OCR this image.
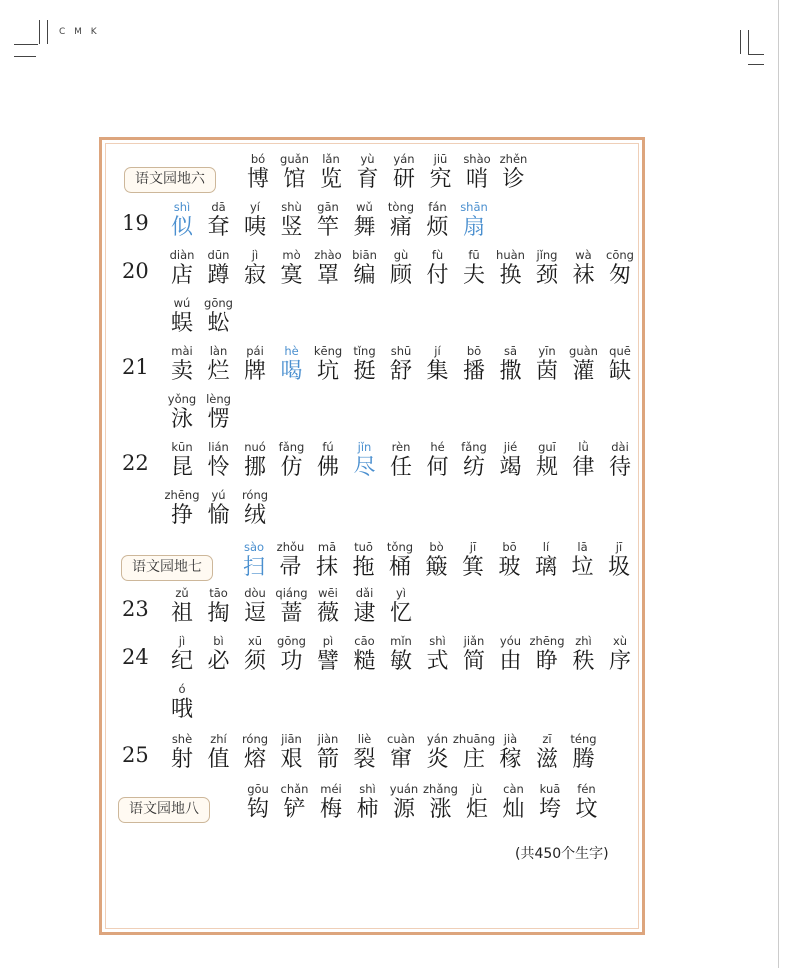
C M K
语文园地六
bó
博
guǎn
馆
lǎn
览
yù
育
yán
研
jiū
究
shào
哨
zhěn
诊
19
shì
似
dā
耷
yí
咦
shù
竖
gān
竿
wǔ
舞
tòng
痛
fán
烦
shān
扇
20
diàn
店
dūn
蹲
jì
寂
mò
寞
zhào
罩
biān
编
gù
顾
fù
付
fū
夫
huàn
换
jǐng
颈
wà
袜
cōng
匆
wú
蜈
gōng
蚣
21
mài
卖
làn
烂
pái
牌
hè
喝
kēng
坑
tǐng
挺
shū
舒
jí
集
bō
播
sā
撒
yīn
茵
guàn
灌
quē
缺
yǒng
泳
lèng
愣
22
kūn
昆
lián
怜
nuó
挪
fǎng
仿
fú
佛
jǐn
尽
rèn
任
hé
何
fǎng
纺
jié
竭
guī
规
lǜ
律
dài
待
zhēng
挣
yú
愉
róng
绒
语文园地七
sào
扫
zhǒu
帚
mā
抹
tuō
拖
tǒng
桶
bò
簸
jī
箕
bō
玻
lí
璃
lā
垃
jī
圾
23
zǔ
祖
tāo
掏
dòu
逗
qiáng
蔷
wēi
薇
dǎi
逮
yì
忆
24
jì
纪
bì
必
xū
须
gōng
功
pì
譬
cāo
糙
mǐn
敏
shì
式
jiǎn
简
yóu
由
zhēng
睁
zhì
秩
xù
序
ó
哦
25
shè
射
zhí
值
róng
熔
jiān
艰
jiàn
箭
liè
裂
cuàn
窜
yán
炎
zhuāng
庄
jià
稼
zī
滋
téng
腾
语文园地八
gōu
钩
chǎn
铲
méi
梅
shì
柿
yuán
源
zhǎng
涨
jù
炬
càn
灿
kuā
垮
fén
坟
(共450个生字)
